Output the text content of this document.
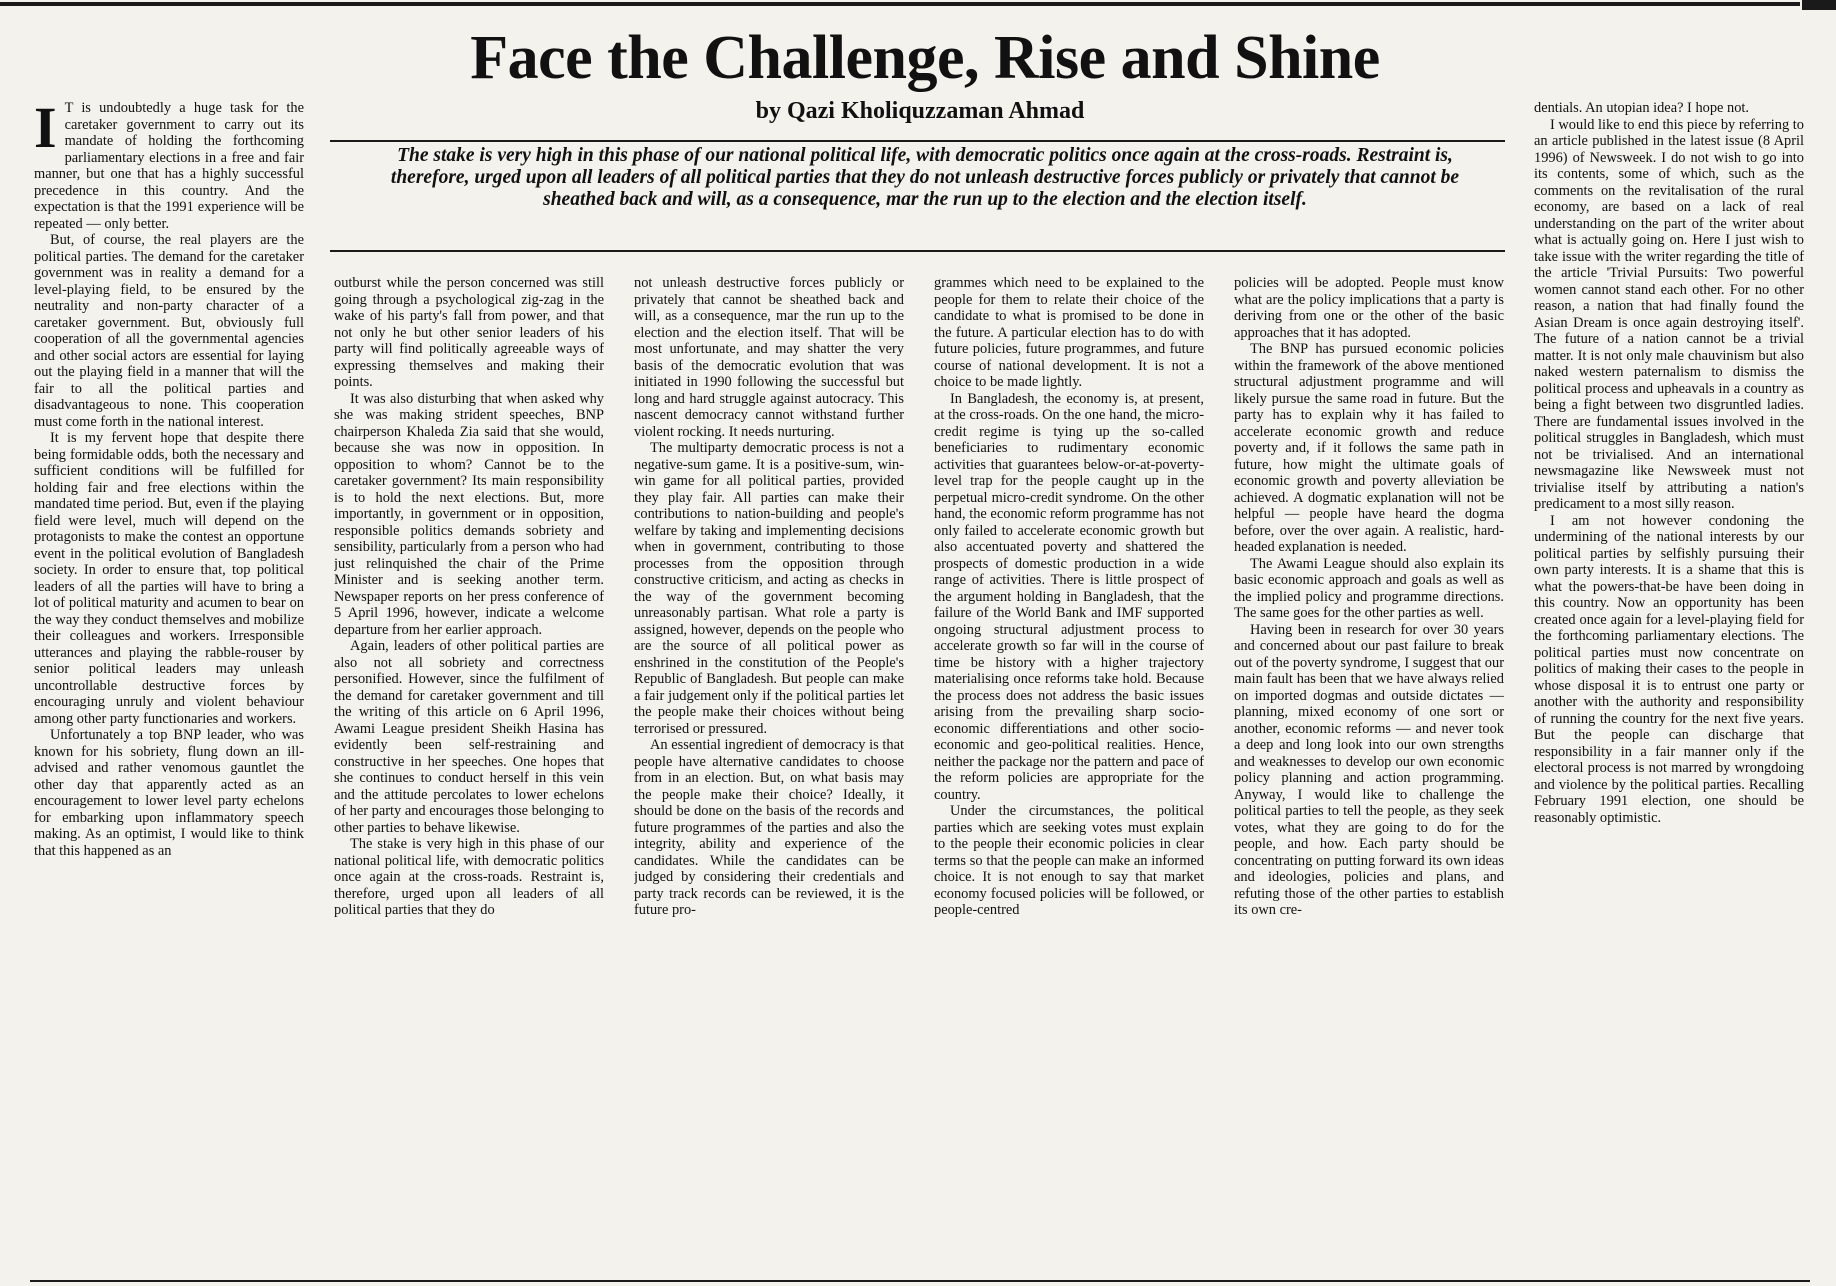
Face the Challenge, Rise and Shine

by Qazi Kholiquzzaman Ahmad

The stake is very high in this phase of our national political life, with democratic politics once again at the cross-roads. Restraint is, therefore, urged upon all leaders of all political parties that they do not unleash destructive forces publicly or privately that cannot be sheathed back and will, as a consequence, mar the run up to the election and the election itself.

I T is undoubtedly a huge task for the caretaker government to carry out its mandate of holding the forthcoming parliamentary elections in a free and fair manner, but one that has a highly successful precedence in this country. And the expectation is that the 1991 experience will be repeated — only better.

But, of course, the real players are the political parties. The demand for the caretaker government was in reality a demand for a level-playing field, to be ensured by the neutrality and non-party character of a caretaker government. But, obviously full cooperation of all the governmental agencies and other social actors are essential for laying out the playing field in a manner that will the fair to all the political parties and disadvantageous to none. This cooperation must come forth in the national interest.

It is my fervent hope that despite there being formidable odds, both the necessary and sufficient conditions will be fulfilled for holding fair and free elections within the mandated time period. But, even if the playing field were level, much will depend on the protagonists to make the contest an opportune event in the political evolution of Bangladesh society. In order to ensure that, top political leaders of all the parties will have to bring a lot of political maturity and acumen to bear on the way they conduct themselves and mobilize their colleagues and workers. Irresponsible utterances and playing the rabble-rouser by senior political leaders may unleash uncontrollable destructive forces by encouraging unruly and violent behaviour among other party functionaries and workers.

Unfortunately a top BNP leader, who was known for his sobriety, flung down an ill-advised and rather venomous gauntlet the other day that apparently acted as an encouragement to lower level party echelons for embarking upon inflammatory speech making. As an optimist, I would like to think that this happened as an

outburst while the person concerned was still going through a psychological zig-zag in the wake of his party's fall from power, and that not only he but other senior leaders of his party will find politically agreeable ways of expressing themselves and making their points.

It was also disturbing that when asked why she was making strident speeches, BNP chairperson Khaleda Zia said that she would, because she was now in opposition. In opposition to whom? Cannot be to the caretaker government? Its main responsibility is to hold the next elections. But, more importantly, in government or in opposition, responsible politics demands sobriety and sensibility, particularly from a person who had just relinquished the chair of the Prime Minister and is seeking another term. Newspaper reports on her press conference of 5 April 1996, however, indicate a welcome departure from her earlier approach.

Again, leaders of other political parties are also not all sobriety and correctness personified. However, since the fulfilment of the demand for caretaker government and till the writing of this article on 6 April 1996, Awami League president Sheikh Hasina has evidently been self-restraining and constructive in her speeches. One hopes that she continues to conduct herself in this vein and the attitude percolates to lower echelons of her party and encourages those belonging to other parties to behave likewise.

The stake is very high in this phase of our national political life, with democratic politics once again at the cross-roads. Restraint is, therefore, urged upon all leaders of all political parties that they do

not unleash destructive forces publicly or privately that cannot be sheathed back and will, as a consequence, mar the run up to the election and the election itself. That will be most unfortunate, and may shatter the very basis of the democratic evolution that was initiated in 1990 following the successful but long and hard struggle against autocracy. This nascent democracy cannot withstand further violent rocking. It needs nurturing.

The multiparty democratic process is not a negative-sum game. It is a positive-sum, win-win game for all political parties, provided they play fair. All parties can make their contributions to nation-building and people's welfare by taking and implementing decisions when in government, contributing to those processes from the opposition through constructive criticism, and acting as checks in the way of the government becoming unreasonably partisan. What role a party is assigned, however, depends on the people who are the source of all political power as enshrined in the constitution of the People's Republic of Bangladesh. But people can make a fair judgement only if the political parties let the people make their choices without being terrorised or pressured.

An essential ingredient of democracy is that people have alternative candidates to choose from in an election. But, on what basis may the people make their choice? Ideally, it should be done on the basis of the records and future programmes of the parties and also the integrity, ability and experience of the candidates. While the candidates can be judged by considering their credentials and party track records can be reviewed, it is the future pro-

grammes which need to be explained to the people for them to relate their choice of the candidate to what is promised to be done in the future. A particular election has to do with future policies, future programmes, and future course of national development. It is not a choice to be made lightly.

In Bangladesh, the economy is, at present, at the cross-roads. On the one hand, the micro-credit regime is tying up the so-called beneficiaries to rudimentary economic activities that guarantees below-or-at-poverty-level trap for the people caught up in the perpetual micro-credit syndrome. On the other hand, the economic reform programme has not only failed to accelerate economic growth but also accentuated poverty and shattered the prospects of domestic production in a wide range of activities. There is little prospect of the argument holding in Bangladesh, that the failure of the World Bank and IMF supported ongoing structural adjustment process to accelerate growth so far will in the course of time be history with a higher trajectory materialising once reforms take hold. Because the process does not address the basic issues arising from the prevailing sharp socio-economic differentiations and other socio-economic and geo-political realities. Hence, neither the package nor the pattern and pace of the reform policies are appropriate for the country.

Under the circumstances, the political parties which are seeking votes must explain to the people their economic policies in clear terms so that the people can make an informed choice. It is not enough to say that market economy focused policies will be followed, or people-centred

policies will be adopted. People must know what are the policy implications that a party is deriving from one or the other of the basic approaches that it has adopted.

The BNP has pursued economic policies within the framework of the above mentioned structural adjustment programme and will likely pursue the same road in future. But the party has to explain why it has failed to accelerate economic growth and reduce poverty and, if it follows the same path in future, how might the ultimate goals of economic growth and poverty alleviation be achieved. A dogmatic explanation will not be helpful — people have heard the dogma before, over the over again. A realistic, hard-headed explanation is needed.

The Awami League should also explain its basic economic approach and goals as well as the implied policy and programme directions. The same goes for the other parties as well.

Having been in research for over 30 years and concerned about our past failure to break out of the poverty syndrome, I suggest that our main fault has been that we have always relied on imported dogmas and outside dictates — planning, mixed economy of one sort or another, economic reforms — and never took a deep and long look into our own strengths and weaknesses to develop our own economic policy planning and action programming. Anyway, I would like to challenge the political parties to tell the people, as they seek votes, what they are going to do for the people, and how. Each party should be concentrating on putting forward its own ideas and ideologies, policies and plans, and refuting those of the other parties to establish its own cre-

dentials. An utopian idea? I hope not.

I would like to end this piece by referring to an article published in the latest issue (8 April 1996) of Newsweek. I do not wish to go into its contents, some of which, such as the comments on the revitalisation of the rural economy, are based on a lack of real understanding on the part of the writer about what is actually going on. Here I just wish to take issue with the writer regarding the title of the article 'Trivial Pursuits: Two powerful women cannot stand each other. For no other reason, a nation that had finally found the Asian Dream is once again destroying itself'. The future of a nation cannot be a trivial matter. It is not only male chauvinism but also naked western paternalism to dismiss the political process and upheavals in a country as being a fight between two disgruntled ladies. There are fundamental issues involved in the political struggles in Bangladesh, which must not be trivialised. And an international newsmagazine like Newsweek must not trivialise itself by attributing a nation's predicament to a most silly reason.

I am not however condoning the undermining of the national interests by our political parties by selfishly pursuing their own party interests. It is a shame that this is what the powers-that-be have been doing in this country. Now an opportunity has been created once again for a level-playing field for the forthcoming parliamentary elections. The political parties must now concentrate on politics of making their cases to the people in whose disposal it is to entrust one party or another with the authority and responsibility of running the country for the next five years. But the people can discharge that responsibility in a fair manner only if the electoral process is not marred by wrongdoing and violence by the political parties. Recalling February 1991 election, one should be reasonably optimistic.
